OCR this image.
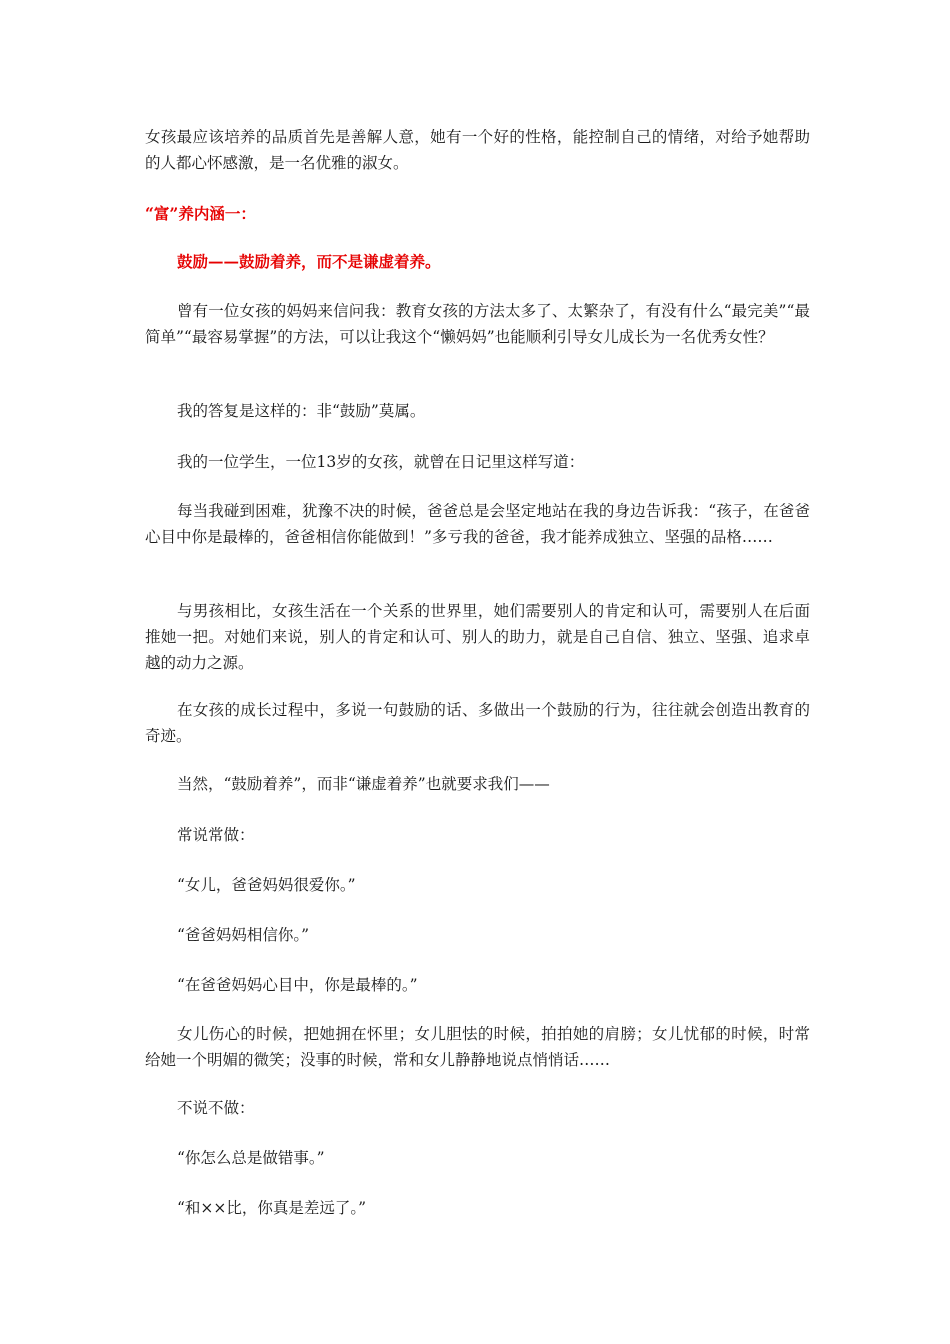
女孩最应该培养的品质首先是善解人意，她有一个好的性格，能控制自己的情绪，对给予她帮助的人都心怀感激，是一名优雅的淑女。

“富”养内涵一：

鼓励——鼓励着养，而不是谦虚着养。

曾有一位女孩的妈妈来信问我：教育女孩的方法太多了、太繁杂了，有没有什么“最完美”“最简单”“最容易掌握”的方法，可以让我这个“懒妈妈”也能顺利引导女儿成长为一名优秀女性？

我的答复是这样的：非“鼓励”莫属。

我的一位学生，一位13岁的女孩，就曾在日记里这样写道：

每当我碰到困难，犹豫不决的时候，爸爸总是会坚定地站在我的身边告诉我：“孩子，在爸爸心目中你是最棒的，爸爸相信你能做到！”多亏我的爸爸，我才能养成独立、坚强的品格……

与男孩相比，女孩生活在一个关系的世界里，她们需要别人的肯定和认可，需要别人在后面推她一把。对她们来说，别人的肯定和认可、别人的助力，就是自己自信、独立、坚强、追求卓越的动力之源。

在女孩的成长过程中，多说一句鼓励的话、多做出一个鼓励的行为，往往就会创造出教育的奇迹。

当然，“鼓励着养”，而非“谦虚着养”也就要求我们——

常说常做：

“女儿，爸爸妈妈很爱你。”

“爸爸妈妈相信你。”

“在爸爸妈妈心目中，你是最棒的。”

女儿伤心的时候，把她拥在怀里；女儿胆怯的时候，拍拍她的肩膀；女儿忧郁的时候，时常给她一个明媚的微笑；没事的时候，常和女儿静静地说点悄悄话……

不说不做：

“你怎么总是做错事。”

“和××比，你真是差远了。”
